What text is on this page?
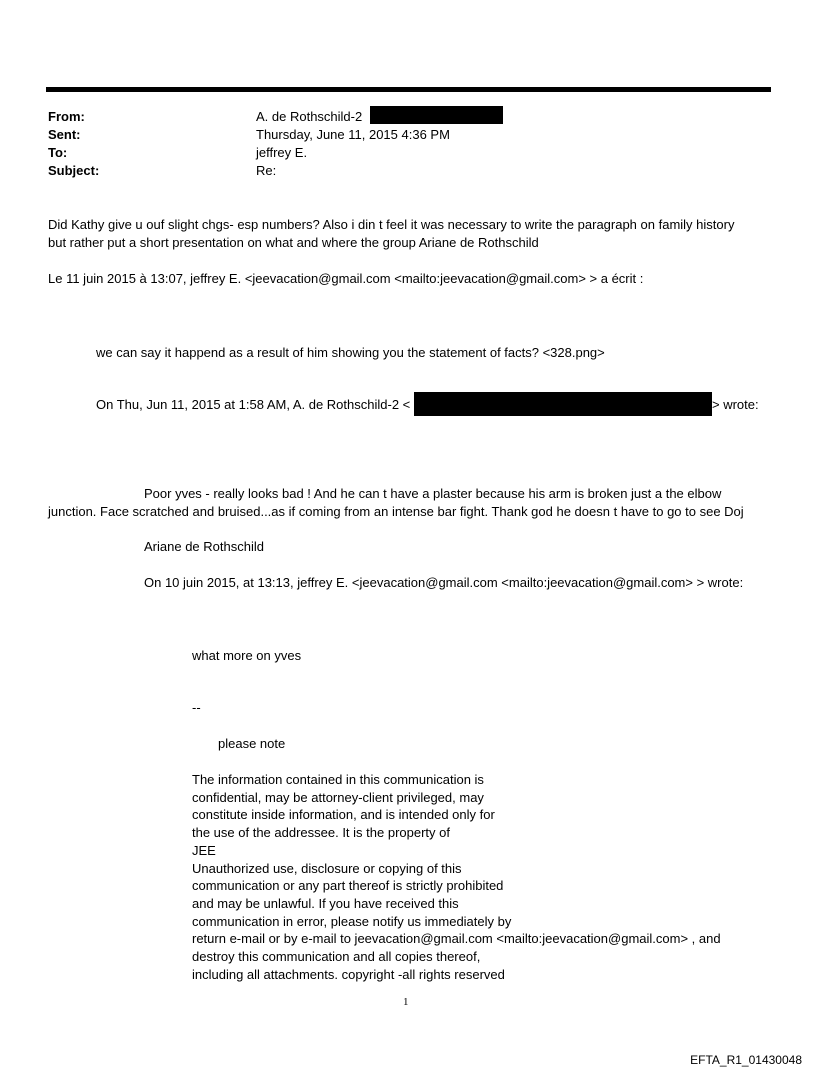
From:	A. de Rothschild-2
Sent:	Thursday, June 11, 2015 4:36 PM
To:	jeffrey E.
Subject:	Re:
Did Kathy give u ouf slight chgs- esp numbers? Also i din t feel it was necessary to write the paragraph on family history
but rather put a short presentation on what and where the group Ariane de Rothschild
Le 11 juin 2015 à 13:07, jeffrey E. <jeevacation@gmail.com <mailto:jeevacation@gmail.com> > a écrit :
we can say it happend as a result of him showing you the statement of facts? <328.png>
On Thu, Jun 11, 2015 at 1:58 AM, A. de Rothschild-2 <	> wrote:
Poor yves - really looks bad ! And he can t have a plaster because his arm is broken just a the elbow
junction. Face scratched and bruised...as if coming from an intense bar fight. Thank god he doesn t have to go to see Doj
Ariane de Rothschild
On 10 juin 2015, at 13:13, jeffrey E. <jeevacation@gmail.com <mailto:jeevacation@gmail.com> > wrote:
what more on yves
--
please note
The information contained in this communication is
confidential, may be attorney-client privileged, may
constitute inside information, and is intended only for
the use of the addressee. It is the property of
JEE
Unauthorized use, disclosure or copying of this
communication or any part thereof is strictly prohibited
and may be unlawful. If you have received this
communication in error, please notify us immediately by
return e-mail or by e-mail to jeevacation@gmail.com <mailto:jeevacation@gmail.com> , and
destroy this communication and all copies thereof,
including all attachments. copyright -all rights reserved
1
EFTA_R1_01430048
